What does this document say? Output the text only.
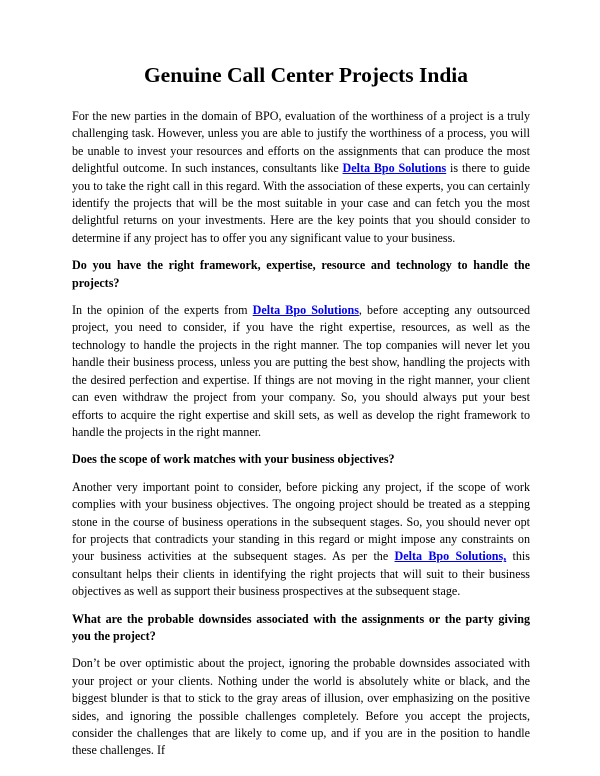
Genuine Call Center Projects India

For the new parties in the domain of BPO, evaluation of the worthiness of a project is a truly challenging task. However, unless you are able to justify the worthiness of a process, you will be unable to invest your resources and efforts on the assignments that can produce the most delightful outcome. In such instances, consultants like Delta Bpo Solutions is there to guide you to take the right call in this regard. With the association of these experts, you can certainly identify the projects that will be the most suitable in your case and can fetch you the most delightful returns on your investments. Here are the key points that you should consider to determine if any project has to offer you any significant value to your business.

Do you have the right framework, expertise, resource and technology to handle the projects?

In the opinion of the experts from Delta Bpo Solutions, before accepting any outsourced project, you need to consider, if you have the right expertise, resources, as well as the technology to handle the projects in the right manner. The top companies will never let you handle their business process, unless you are putting the best show, handling the projects with the desired perfection and expertise. If things are not moving in the right manner, your client can even withdraw the project from your company. So, you should always put your best efforts to acquire the right expertise and skill sets, as well as develop the right framework to handle the projects in the right manner.

Does the scope of work matches with your business objectives?

Another very important point to consider, before picking any project, if the scope of work complies with your business objectives. The ongoing project should be treated as a stepping stone in the course of business operations in the subsequent stages. So, you should never opt for projects that contradicts your standing in this regard or might impose any constraints on your business activities at the subsequent stages. As per the Delta Bpo Solutions, this consultant helps their clients in identifying the right projects that will suit to their business objectives as well as support their business prospectives at the subsequent stage.

What are the probable downsides associated with the assignments or the party giving you the project?

Don’t be over optimistic about the project, ignoring the probable downsides associated with your project or your clients. Nothing under the world is absolutely white or black, and the biggest blunder is that to stick to the gray areas of illusion, over emphasizing on the positive sides, and ignoring the possible challenges completely. Before you accept the projects, consider the challenges that are likely to come up, and if you are in the position to handle these challenges. If
